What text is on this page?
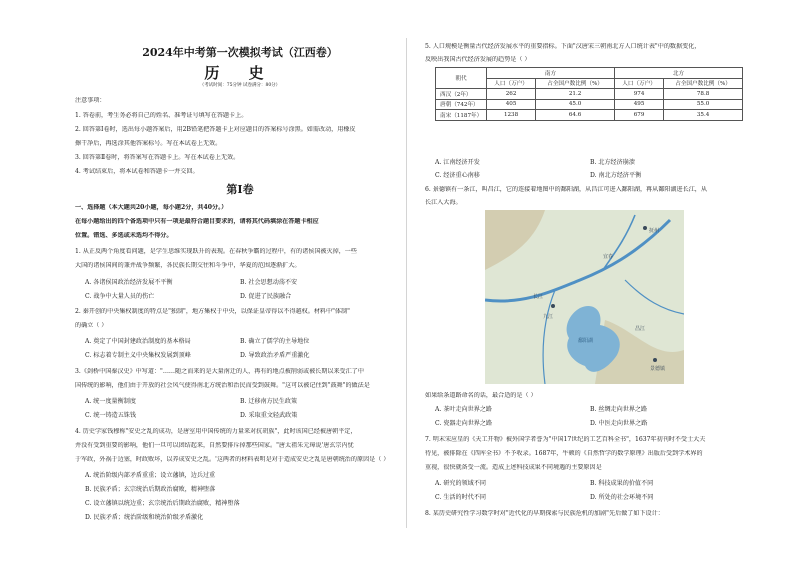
2024年中考第一次模拟考试（江西卷）
历 史
（考试时间：75分钟 试卷满分：80分）
注意事项：
1. 答卷前，考生务必将自己的姓名、准考证号填写在答题卡上。
2. 回答第Ⅰ卷时，选出每小题答案后，用2B铅笔把答题卡上对应题目的答案标号涂黑。如需改动，用橡皮
擦干净后，再选涂其他答案标号。写在本试卷上无效。
3. 回答第Ⅱ卷时，将答案写在答题卡上。写在本试卷上无效。
4. 考试结束后，将本试卷和答题卡一并交回。
第Ⅰ卷
一、选择题（本大题共20小题，每小题2分，共40分。）
在每小题给出的四个备选项中只有一项是最符合题目要求的，请将其代码填涂在答题卡相应
位置。错选、多选或未选均不得分。
1. 从正反两个角度看问题，是学生思维实现跃升的表现。在春秋争霸的过程中，有的诸侯国被灭掉，一些
大国的诸侯国间的兼并战争频繁，各民族长期交往和斗争中，华夏的范围逐渐扩大。
A. 各诸侯国政治经济发展不平衡	B. 社会思想动荡不安
C. 战争中大量人员的伤亡	D. 促进了民族融合
2. 秦开创的中央集权制度的特点是"独制"，地方集权于中央，以保证皇帝得以不得越权。材料中"体制"
的确立（ ）
A. 奠定了中国封建政治制度的基本格局	B. 确立了儒学的主导地位
C. 标志着专制主义中央集权发展到顶峰	D. 导致政治矛盾严重激化
3.《剑桥中国秦汉史》中写道："……随之而来的是大量南迁的人，再有的地点被削弱或被长期以来受汇了中
国传统的影响，他们由于开放的社会风气使得南北方统治和治民而受到鼓舞。"这可以被记住到"鼓舞"的做法是
A. 统一度量衡制度	B. 迁移南方民生政策
C. 统一铸造五铢钱	D. 采取重文轻武政策
4. 历史学家钱穆称"安史之乱的成功，是唐室用中国传统的力量来对抗胡族"，此时该国已经被唐朝平定，
并没有受到重要的影响，他们一旦可以团结起来，自然要排斥掉那些国家。"唐太祖朱元璋说'唐玄宗内忧
于军政，外祸于边塞，时政败坏，以养成安史之乱。'这两者的材料表明是对于造成安史之乱是唐朝统治的原因是（ ）
A. 统治阶级内部矛盾重重；设立藩镇，边兵过重
B. 民族矛盾；玄宗统治后期政治腐败，精神堕落
C. 设立藩镇以统边重；玄宗统治后期政治腐败，精神堕落
D. 民族矛盾；统治阶级和统治阶级矛盾激化
5. 人口规模是衡量古代经济发展水平的重要指标。下面"汉唐宋三朝南北方人口统计表"中的数据变化，
反映出我国古代经济发展的趋势是（ ）
朝代	南方		北方	
	人口（万户）	占全国户数比例（%）	人口（万户）	占全国户数比例（%）
西汉（2年）	262	21.2	974	78.8
唐朝（742年）	405	45.0	495	55.0
南宋（1187年）	1238	64.6	679	35.4
A. 江南经济开发	B. 北方经济崩溃
C. 经济重心南移	D. 南北方经济平衡
6. 景德镇有一条江，叫昌江，它的连接着地图中的鄱阳湖，从昌江可进入鄱阳湖，再从鄱阳湖进长江，从
长江入大海。
长江
九江
鄱阳湖
景德镇
宜春
抚州
昌江
如果给条道路命名的话，最合适的是（ ）
A. 茶叶走向世界之路	B. 丝绸走向世界之路
C. 瓷器走向世界之路	D. 中医走向世界之路
7. 明末宋应星的《天工开物》被外国学者誉为"中国17世纪的工艺百科全书"，1637年初刊时不受士大夫
待见，被排除在《四库全书》不予收录。1687年，牛顿的《自然哲学的数学原理》出版后受到学术界的
重视，很快就备受一流。造成上述科技成果不同境遇的主要原因是
A. 研究的领域不同	B. 科技成果的价值不同
C. 生活的时代不同	D. 所处的社会环境不同
8. 某历史研究性学习数学时对"近代化的早期探索与民族危机的加剧"先后做了如下设计：
